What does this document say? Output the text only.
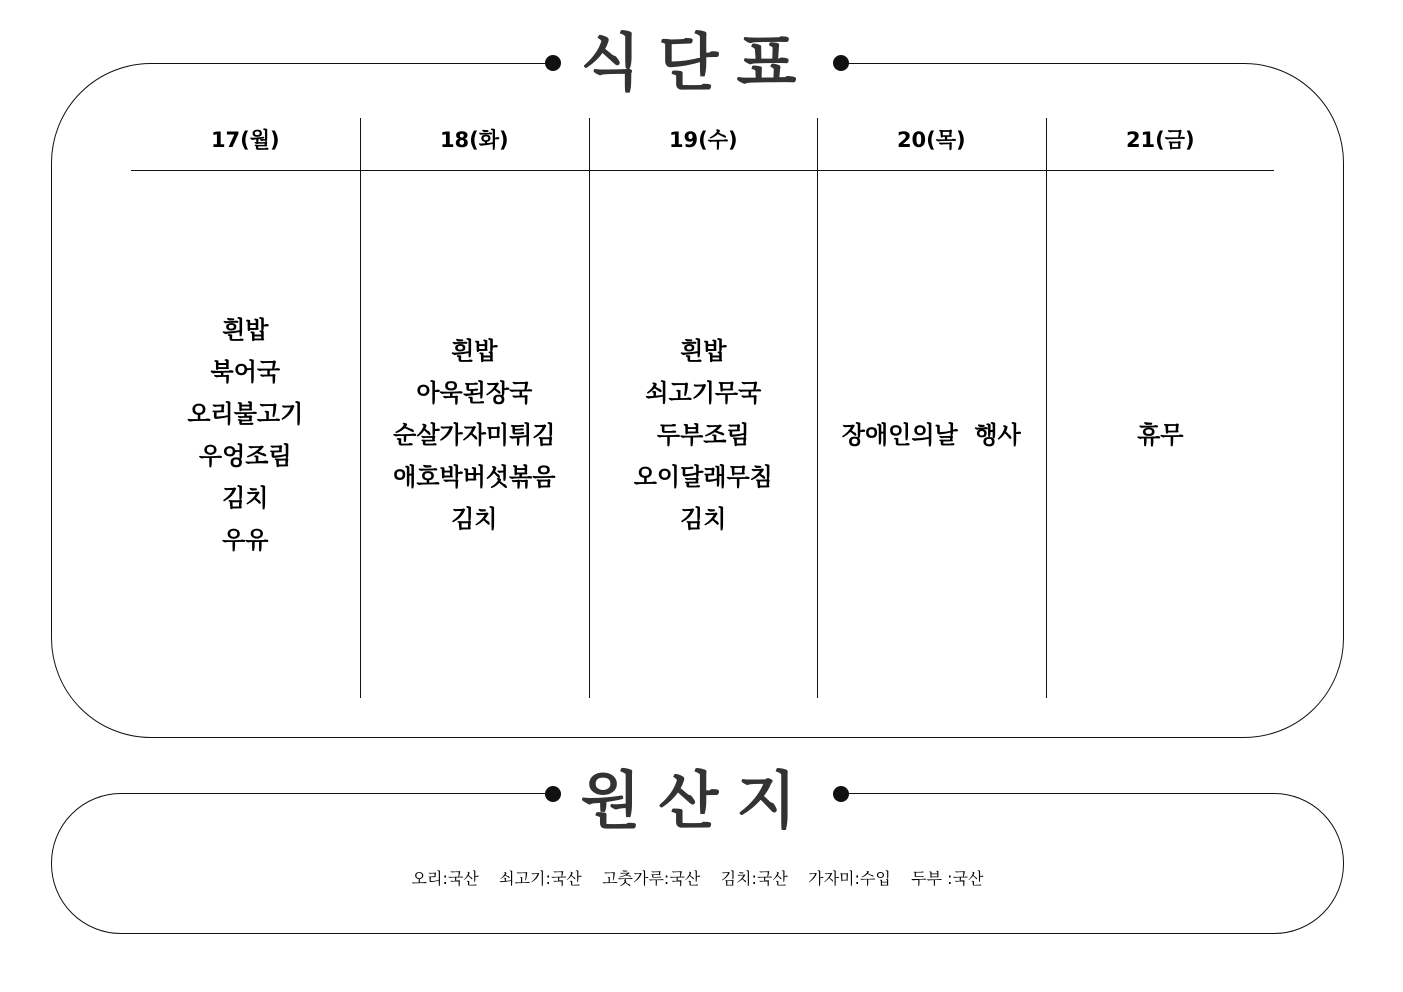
식단표
17(월)
흰밥
북어국
오리불고기
우엉조림
김치
우유
18(화)
흰밥
아욱된장국
순살가자미튀김
애호박버섯볶음
김치
19(수)
흰밥
쇠고기무국
두부조림
오이달래무침
김치
20(목)
장애인의날  행사
21(금)
휴무
원산지
오리:국산    쇠고기:국산    고춧가루:국산    김치:국산    가자미:수입    두부 :국산
